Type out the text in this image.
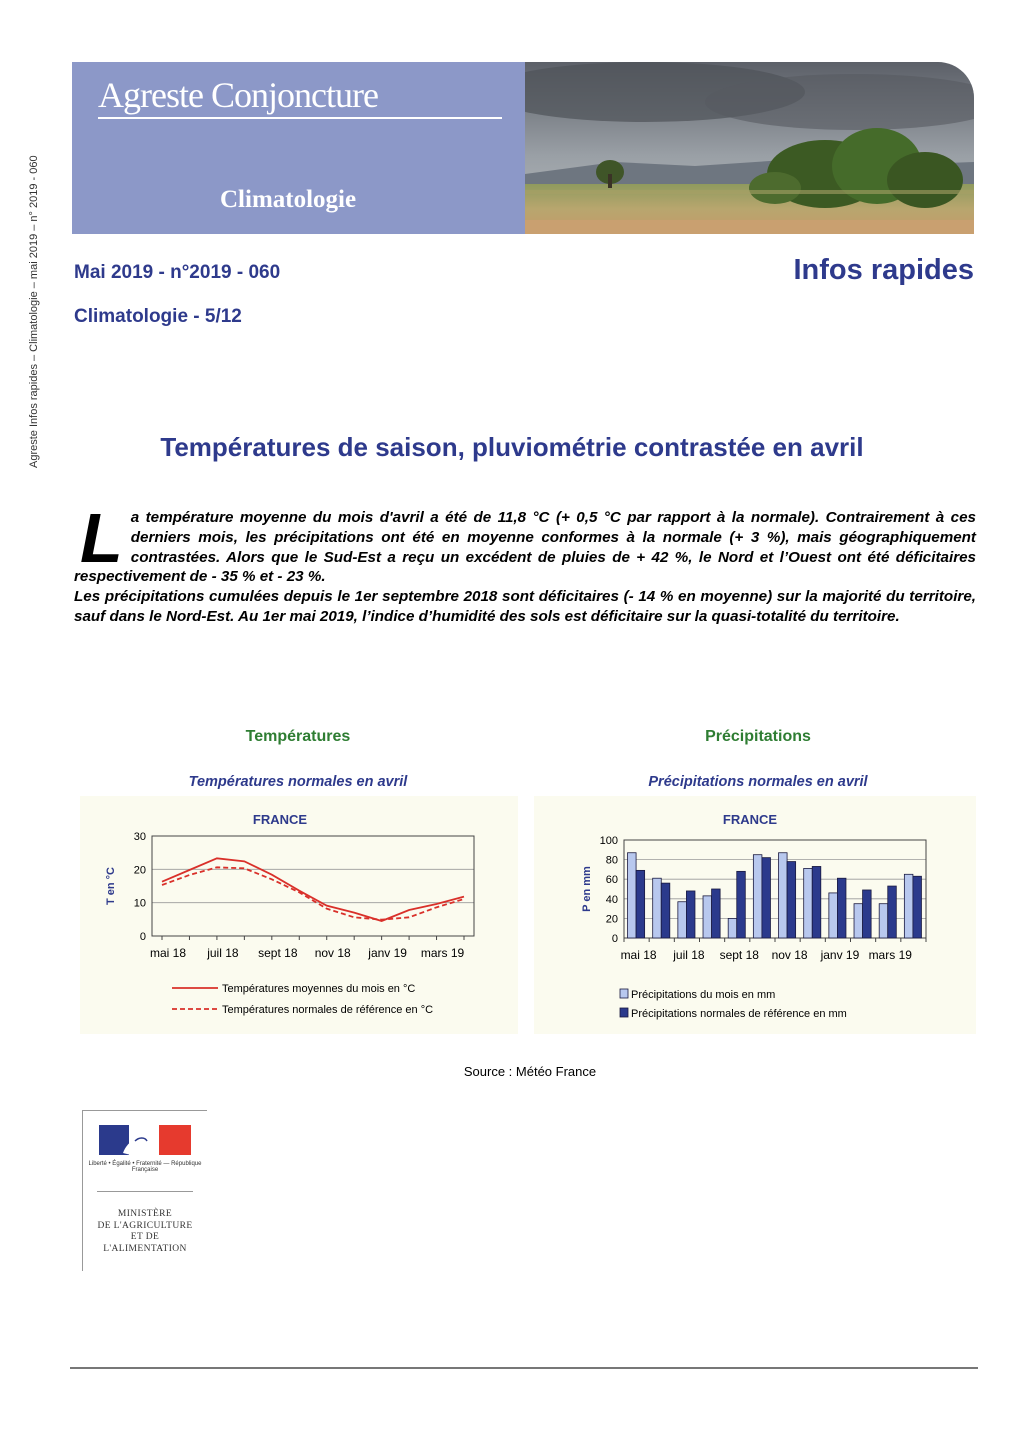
Agreste Infos rapides – Climatologie – mai 2019 – n° 2019 - 060
Agreste Conjoncture
Climatologie
Mai 2019 - n°2019 - 060
Climatologie - 5/12
Infos rapides
Températures de saison, pluviométrie contrastée en avril
L a température moyenne du mois d'avril a été de 11,8 °C (+ 0,5 °C par rapport à la normale). Contrairement à ces derniers mois, les précipitations ont été en moyenne conformes à la normale (+ 3 %), mais géographiquement contrastées. Alors que le Sud-Est a reçu un excédent de pluies de + 42 %, le Nord et l’Ouest ont été déficitaires respectivement de - 35 % et - 23 %.

Les précipitations cumulées depuis le 1er septembre 2018 sont déficitaires (- 14 % en moyenne) sur la majorité du territoire, sauf dans le Nord-Est. Au 1er mai 2019, l’indice d’humidité des sols est déficitaire sur la quasi-totalité du territoire.

Températures	Précipitations
Températures normales en avril	Précipitations normales en avril
FRANCE
T en °C
0
10
20
30
mai 18 juil 18 sept 18 nov 18 janv 19 mars 19
Températures moyennes du mois en °C
Températures normales de référence en °C
FRANCE
P en mm
0
20
40
60
80
100
mai 18 juil 18 sept 18 nov 18 janv 19 mars 19
Précipitations du mois en mm
Précipitations normales de référence en mm
Source : Météo France
Liberté • Égalité • Fraternité — République Française
MINISTÈRE
DE L'AGRICULTURE
ET DE
L'ALIMENTATION
